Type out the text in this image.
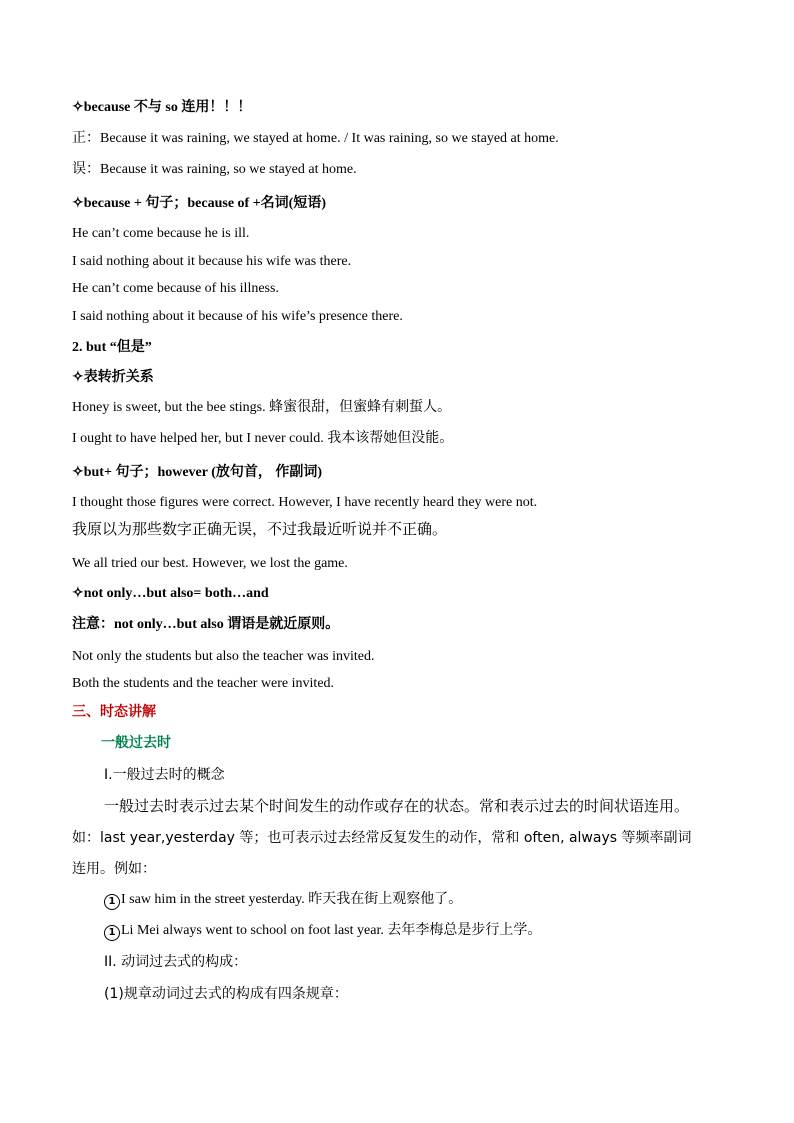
✧because 不与 so 连用！！！
正：Because it was raining, we stayed at home. / It was raining, so we stayed at home.
误：Because it was raining, so we stayed at home.
✧because + 句子；because of +名词(短语)
He can’t come because he is ill.
I said nothing about it because his wife was there.
He can’t come because of his illness.
I said nothing about it because of his wife’s presence there.
2. but “但是”
✧表转折关系
Honey is sweet, but the bee stings. 蜂蜜很甜，但蜜蜂有刺蜇人。
I ought to have helped her, but I never could. 我本该帮她但没能。
✧but+ 句子；however (放句首， 作副词)
I thought those figures were correct. However, I have recently heard they were not.
我原以为那些数字正确无误，不过我最近听说并不正确。
We all tried our best. However, we lost the game.
✧not only…but also= both…and
注意：not only…but also 谓语是就近原则。
Not only the students but also the teacher was invited.
Both the students and the teacher were invited.
三、时态讲解
一般过去时
I.一般过去时的概念
一般过去时表示过去某个时间发生的动作或存在的状态。常和表示过去的时间状语连用。
如：last year,yesterday 等；也可表示过去经常反复发生的动作，常和 often, always 等频率副词
连用。例如：
1 I saw him in the street yesterday. 昨天我在街上观察他了。
1 Li Mei always went to school on foot last year. 去年李梅总是步行上学。
II. 动词过去式的构成：
(1)规章动词过去式的构成有四条规章：
